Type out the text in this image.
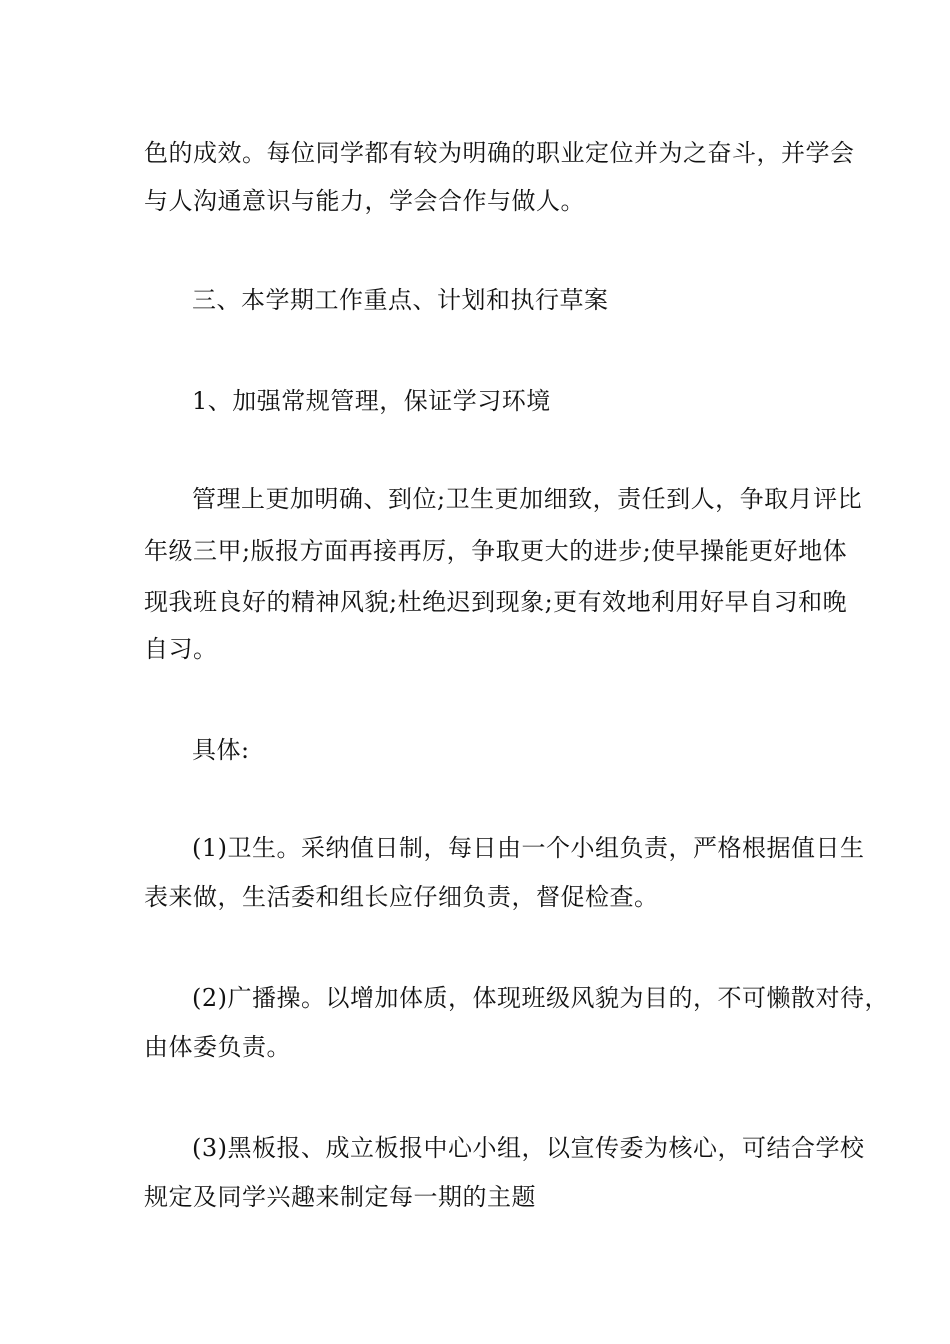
色的成效。每位同学都有较为明确的职业定位并为之奋斗，并学会
与人沟通意识与能力，学会合作与做人。
三、本学期工作重点、计划和执行草案
1、加强常规管理，保证学习环境
管理上更加明确、到位;卫生更加细致，责任到人，争取月评比
年级三甲;版报方面再接再厉，争取更大的进步;使早操能更好地体
现我班良好的精神风貌;杜绝迟到现象;更有效地利用好早自习和晚
自习。
具体:
(1)卫生。采纳值日制，每日由一个小组负责，严格根据值日生
表来做，生活委和组长应仔细负责，督促检查。
(2)广播操。以增加体质，体现班级风貌为目的，不可懒散对待，
由体委负责。
(3)黑板报、成立板报中心小组，以宣传委为核心，可结合学校
规定及同学兴趣来制定每一期的主题
